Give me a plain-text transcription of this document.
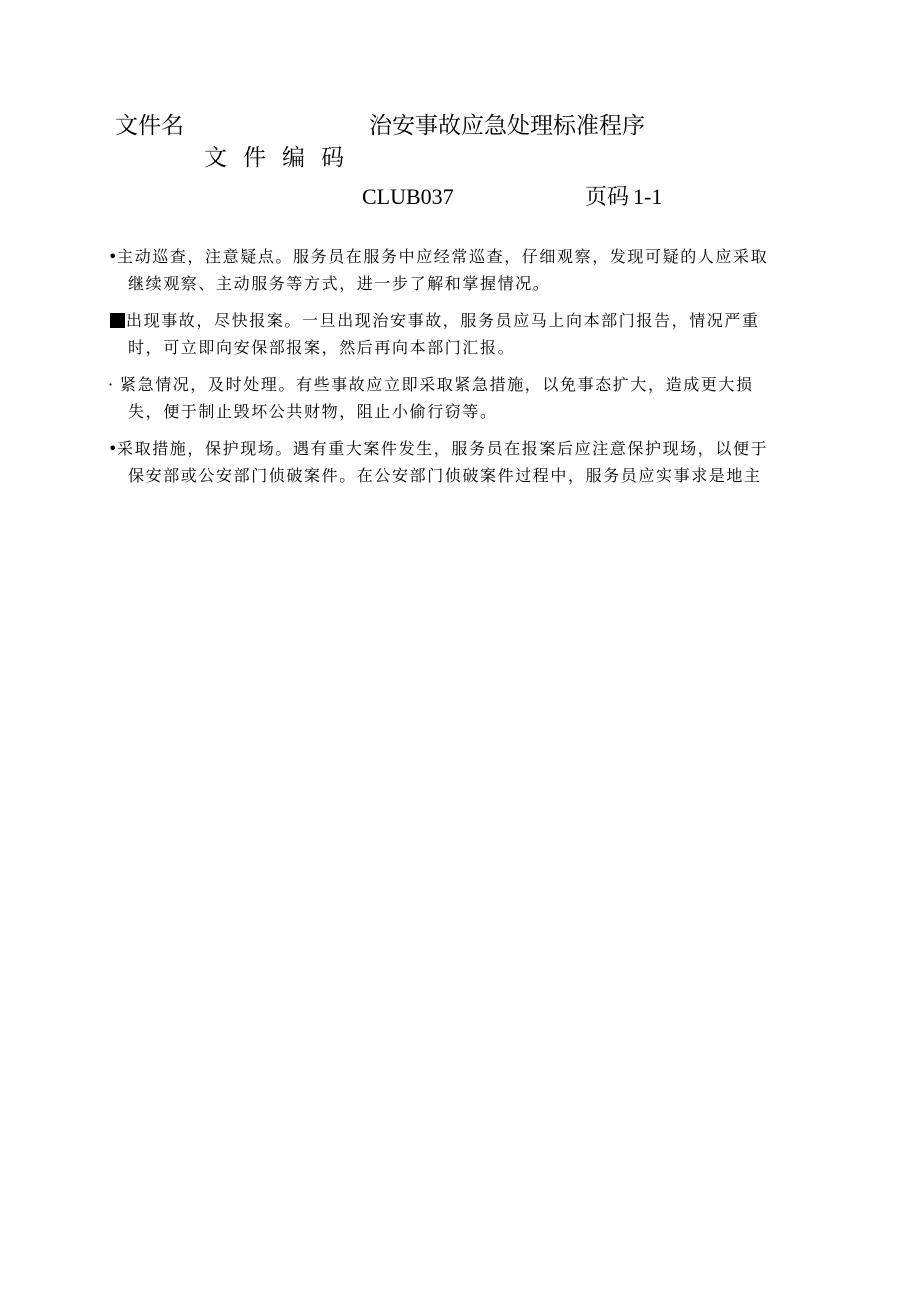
文件名	治安事故应急处理标准程序
文件编码
CLUB037	页码 1-1
•主动巡查，注意疑点。服务员在服务中应经常巡查，仔细观察，发现可疑的人应采取
继续观察、主动服务等方式，进一步了解和掌握情况。
出现事故，尽快报案。一旦出现治安事故，服务员应马上向本部门报告，情况严重
时，可立即向安保部报案，然后再向本部门汇报。
· 紧急情况，及时处理。有些事故应立即采取紧急措施，以免事态扩大，造成更大损
失，便于制止毁坏公共财物，阻止小偷行窃等。
•采取措施，保护现场。遇有重大案件发生，服务员在报案后应注意保护现场，以便于
保安部或公安部门侦破案件。在公安部门侦破案件过程中，服务员应实事求是地主
